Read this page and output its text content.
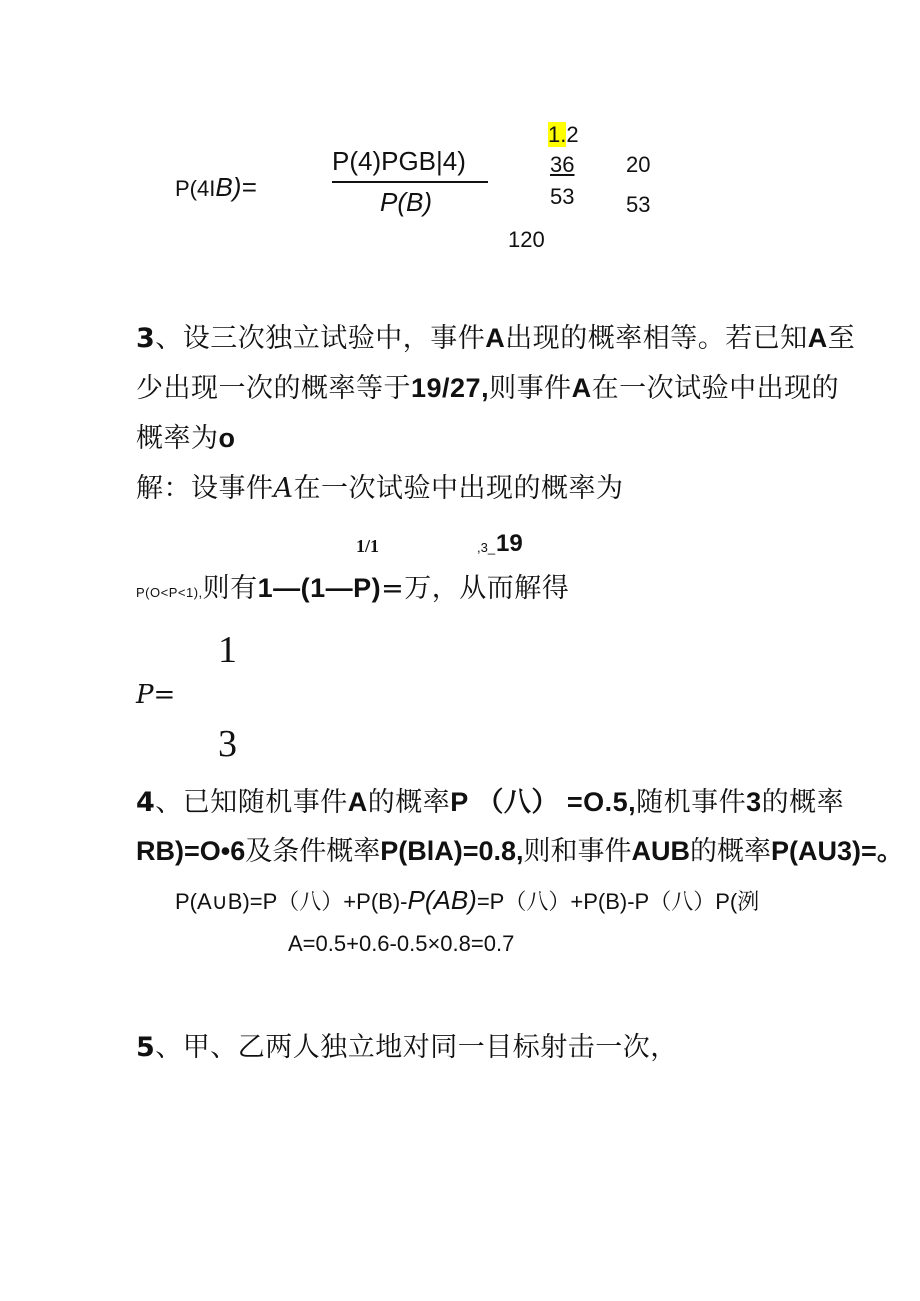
P(4IB)=
P(4)PGB|4)
P(B)
1.2
36
53
20
53
120
3、设三次独立试验中，事件A出现的概率相等。若已知A至
少出现一次的概率等于19/27,则事件A在一次试验中出现的
概率为o
解：设事件A在一次试验中出现的概率为
1/1	,3_ 19
P(O<P<1),则有1—(1—P)=万，从而解得
1
P=
3
4、已知随机事件A的概率P （八） =O.5,随机事件3的概率
RB)=O•6及条件概率P(BlA)=0.8,则和事件AUB的概率P(AU3)=。
P(A∪B)=P（八）+P(B)-P(AB)=P（八）+P(B)-P（八）P(洌
A=0.5+0.6-0.5×0.8=0.7
5、甲、乙两人独立地对同一目标射击一次，
